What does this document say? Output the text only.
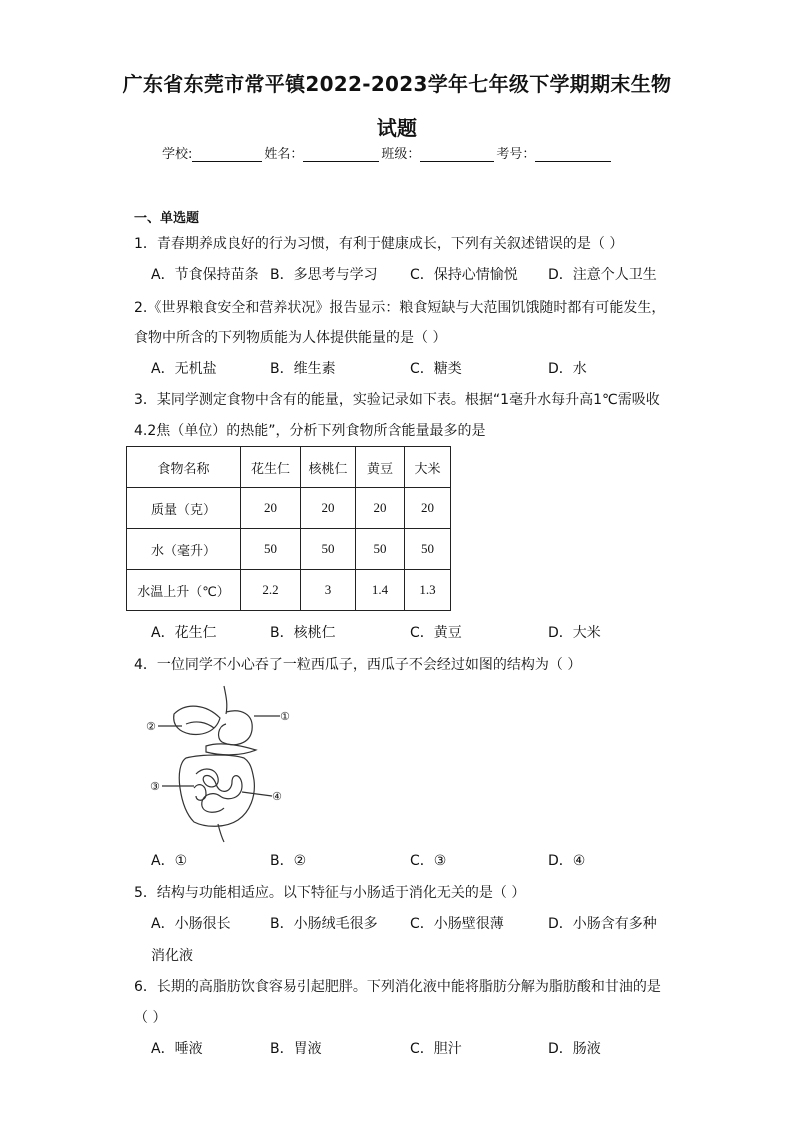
广东省东莞市常平镇2022-2023学年七年级下学期期末生物
试题
学校:	姓名：	班级：	考号：
一、单选题
1．青春期养成良好的行为习惯，有利于健康成长，下列有关叙述错误的是（ ）
A．节食保持苗条 B．多思考与学习 C．保持心情愉悦 D．注意个人卫生
2.《世界粮食安全和营养状况》报告显示：粮食短缺与大范围饥饿随时都有可能发生，
食物中所含的下列物质能为人体提供能量的是（ ）
A．无机盐	B．维生素	C．糖类	D．水
3．某同学测定食物中含有的能量，实验记录如下表。根据“1毫升水每升高1℃需吸收
4.2焦（单位）的热能”，分析下列食物所含能量最多的是
食物名称	花生仁	核桃仁	黄豆	大米
质量（克）	20	20	20	20
水（毫升）	50	50	50	50
水温上升（℃）	2.2	3	1.4	1.3
A．花生仁	B．核桃仁	C．黄豆	D．大米
4．一位同学不小心吞了一粒西瓜子，西瓜子不会经过如图的结构为（ ）
①
②
③
④
A．①	B．②	C．③	D．④
5．结构与功能相适应。以下特征与小肠适于消化无关的是（ ）
A．小肠很长	B．小肠绒毛很多 C．小肠壁很薄	D．小肠含有多种
消化液
6．长期的高脂肪饮食容易引起肥胖。下列消化液中能将脂肪分解为脂肪酸和甘油的是
（ ）
A．唾液	B．胃液	C．胆汁	D．肠液
